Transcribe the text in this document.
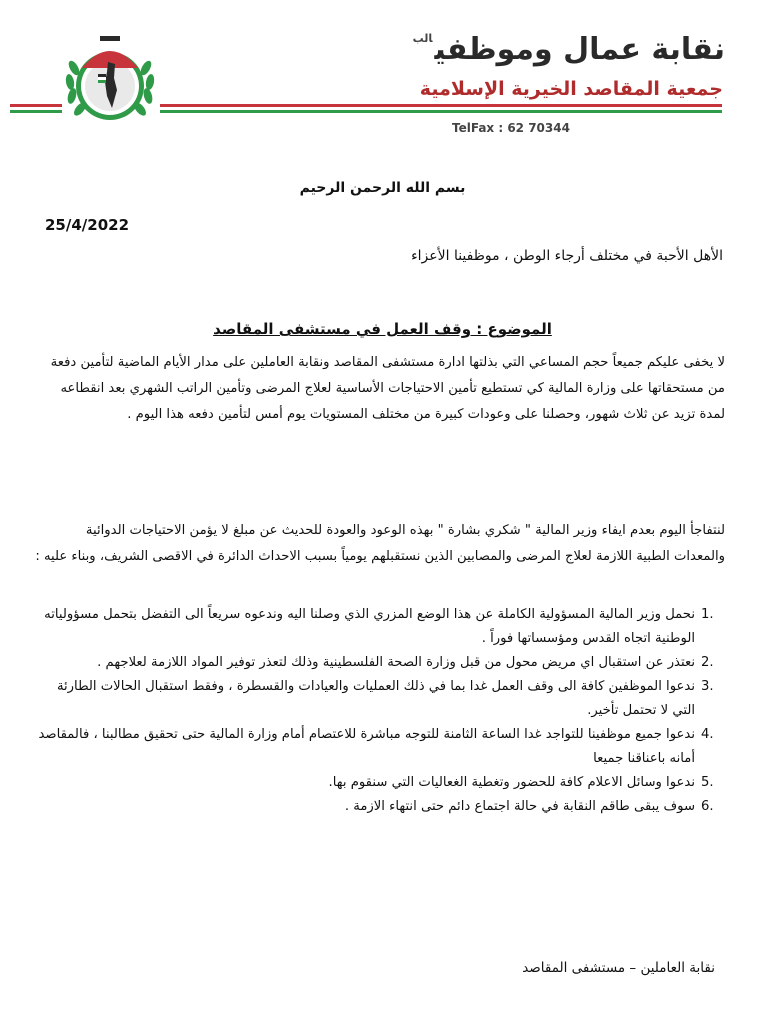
نقابة عمال وموظفي$^{الب}$
جمعية المقاصد الخيرية الإسلامية
TelFax : 62 70344
بسم الله الرحمن الرحيم
25/4/2022
الأهل الأحبة في مختلف أرجاء الوطن ، موظفينا الأعزاء
الموضوع : وقف العمل في مستشفى المقاصد
لا يخفى عليكم جميعاً حجم المساعي التي بذلتها ادارة مستشفى المقاصد ونقابة العاملين على مدار الأيام الماضية لتأمين دفعة من مستحقاتها على وزارة المالية كي تستطيع تأمين الاحتياجات الأساسية لعلاج المرضى وتأمين الراتب الشهري بعد انقطاعه لمدة تزيد عن ثلاث شهور، وحصلنا على وعودات كبيرة من مختلف المستويات يوم أمس لتأمين دفعه هذا اليوم .
لنتفاجأ اليوم بعدم ايفاء وزير المالية " شكري بشارة " بهذه الوعود والعودة للحديث عن مبلغ لا يؤمن الاحتياجات الدوائية والمعدات الطبية اللازمة لعلاج المرضى والمصابين الذين نستقبلهم يومياً بسبب الاحداث الدائرة في الاقصى الشريف، وبناء عليه :
1.
نحمل وزير المالية المسؤولية الكاملة عن هذا الوضع المزري الذي وصلنا اليه وندعوه سريعاً الى التفضل بتحمل مسؤولياته الوطنية اتجاه القدس ومؤسساتها فوراً .
2.
نعتذر عن استقبال اي مريض محول من قبل وزارة الصحة الفلسطينية وذلك لتعذر توفير المواد اللازمة لعلاجهم .
3.
ندعوا الموظفين كافة الى وقف العمل غدا بما في ذلك العمليات والعيادات والقسطرة ، وفقط استقبال الحالات الطارئة التي لا تحتمل تأخير.
4.
ندعوا جميع موظفينا للتواجد غدا الساعة الثامنة للتوجه مباشرة للاعتصام أمام وزارة المالية حتى تحقيق مطالبنا ، فالمقاصد أمانه باعناقنا جميعا
5.
ندعوا وسائل الاعلام كافة للحضور وتغطية الغعاليات التي سنقوم بها.
6.
سوف يبقى طاقم النقابة في حالة اجتماع دائم حتى انتهاء الازمة .
نقابة العاملين – مستشفى المقاصد
